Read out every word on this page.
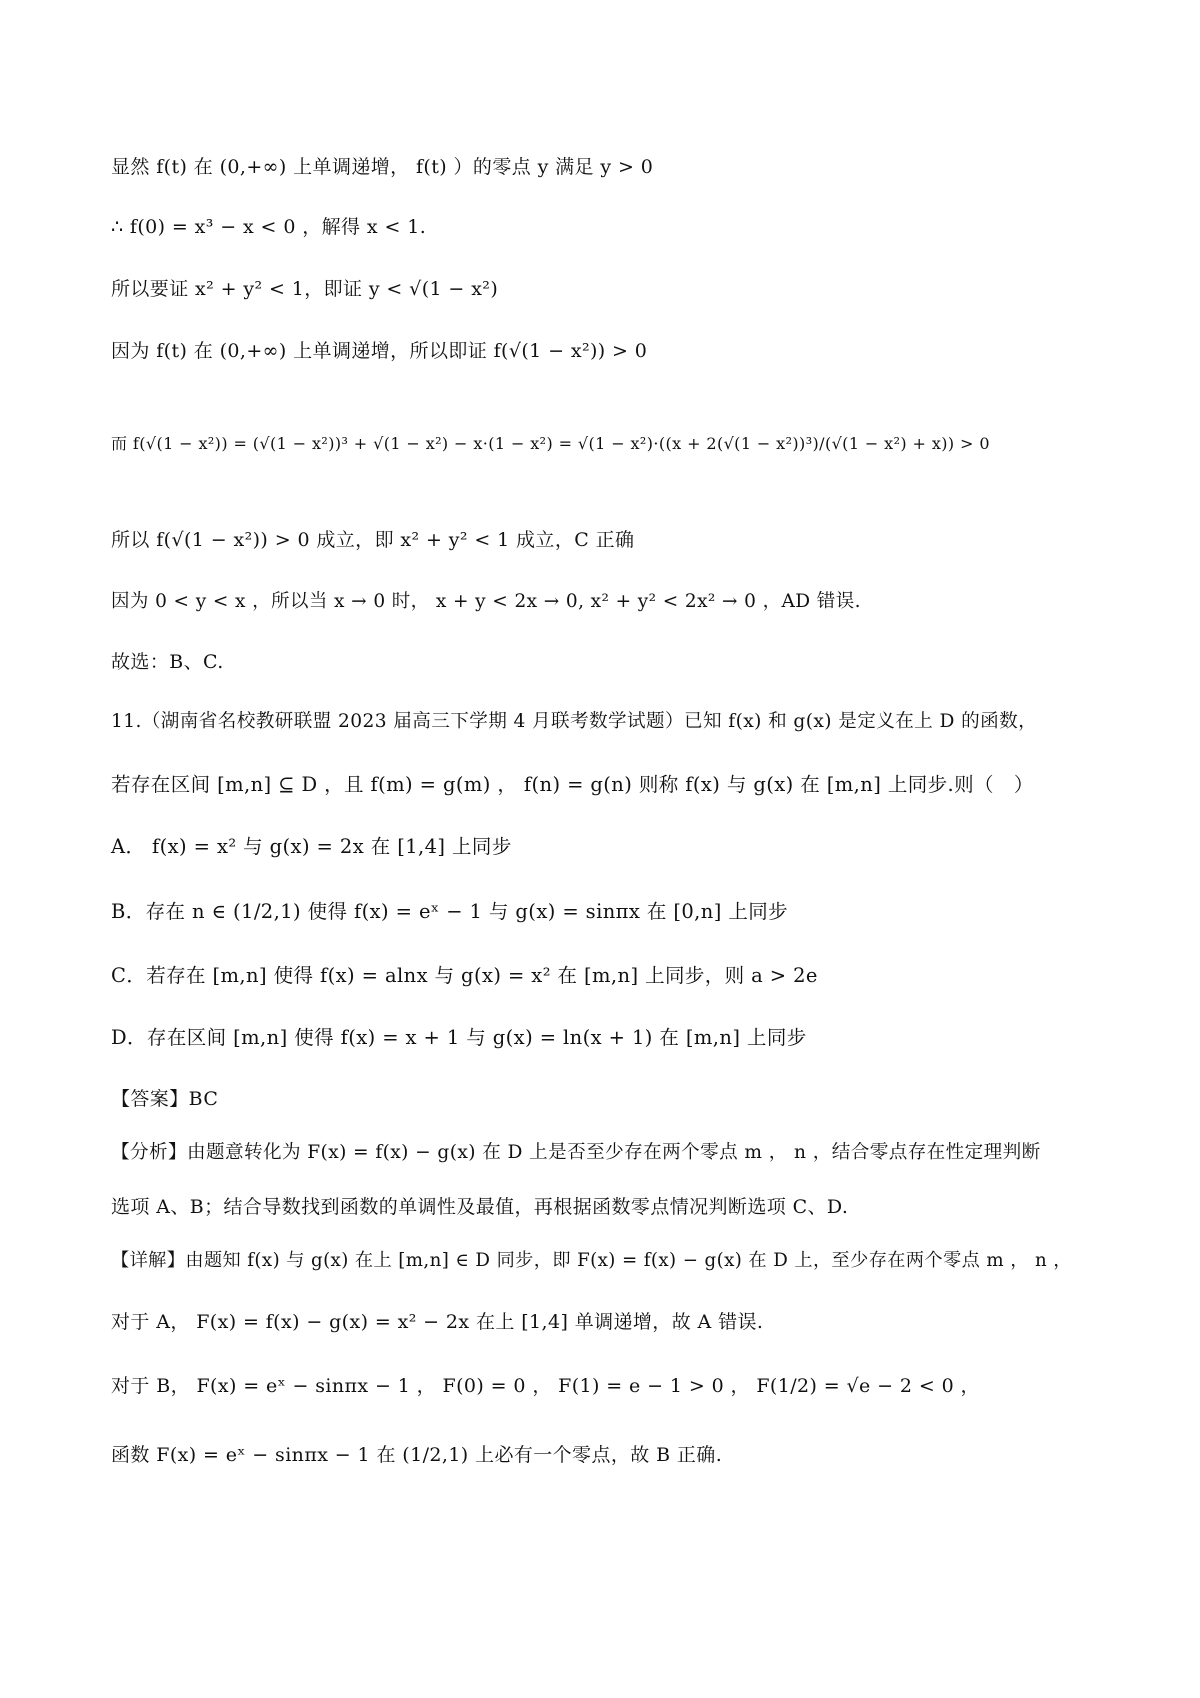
显然 f(t) 在 (0,+∞) 上单调递增， f(t) ）的零点 y 满足 y > 0
∴ f(0) = x³ − x < 0 ，解得 x < 1.
所以要证 x² + y² < 1，即证 y < √(1 − x²)
因为 f(t) 在 (0,+∞) 上单调递增，所以即证 f(√(1 − x²)) > 0
而 f(√(1 − x²)) = (√(1 − x²))³ + √(1 − x²) − x·(1 − x²) = √(1 − x²)·((x + 2(√(1 − x²))³)/(√(1 − x²) + x)) > 0
所以 f(√(1 − x²)) > 0 成立，即 x² + y² < 1 成立，C 正确
因为 0 < y < x ，所以当 x → 0 时， x + y < 2x → 0, x² + y² < 2x² → 0 ，AD 错误.
故选：B、C.
11.（湖南省名校教研联盟 2023 届高三下学期 4 月联考数学试题）已知 f(x) 和 g(x) 是定义在上 D 的函数，
若存在区间 [m,n] ⊆ D ，且 f(m) = g(m) ， f(n) = g(n) 则称 f(x) 与 g(x) 在 [m,n] 上同步.则（　）
A． f(x) = x² 与 g(x) = 2x 在 [1,4] 上同步
B．存在 n ∈ (1/2,1) 使得 f(x) = eˣ − 1 与 g(x) = sinπx 在 [0,n] 上同步
C．若存在 [m,n] 使得 f(x) = alnx 与 g(x) = x² 在 [m,n] 上同步，则 a > 2e
D．存在区间 [m,n] 使得 f(x) = x + 1 与 g(x) = ln(x + 1) 在 [m,n] 上同步
【答案】BC
【分析】由题意转化为 F(x) = f(x) − g(x) 在 D 上是否至少存在两个零点 m ， n ，结合零点存在性定理判断
选项 A、B；结合导数找到函数的单调性及最值，再根据函数零点情况判断选项 C、D.
【详解】由题知 f(x) 与 g(x) 在上 [m,n] ∈ D 同步，即 F(x) = f(x) − g(x) 在 D 上，至少存在两个零点 m ， n ，
对于 A， F(x) = f(x) − g(x) = x² − 2x 在上 [1,4] 单调递增，故 A 错误.
对于 B， F(x) = eˣ − sinπx − 1 ， F(0) = 0 ， F(1) = e − 1 > 0 ， F(1/2) = √e − 2 < 0 ，
函数 F(x) = eˣ − sinπx − 1 在 (1/2,1) 上必有一个零点，故 B 正确.
